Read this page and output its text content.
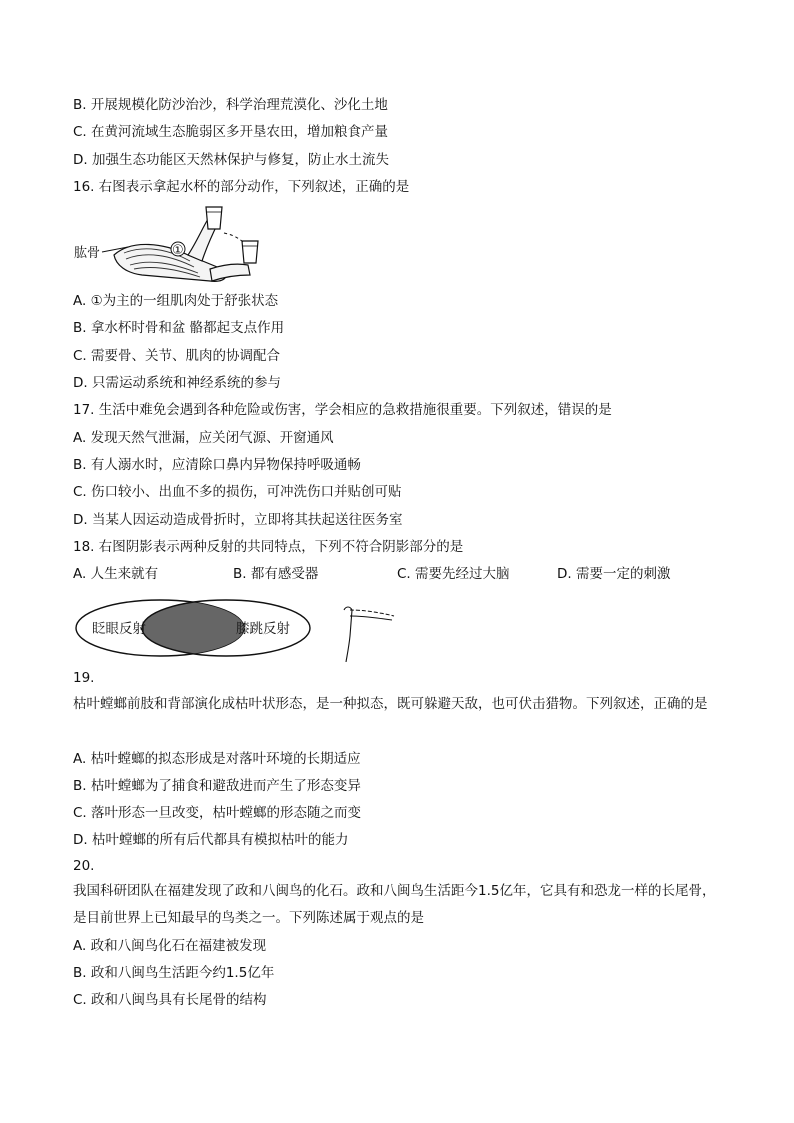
B. 开展规模化防沙治沙，科学治理荒漠化、沙化土地
C. 在黄河流域生态脆弱区多开垦农田，增加粮食产量
D. 加强生态功能区天然林保护与修复，防止水土流失
16. 右图表示拿起水杯的部分动作，下列叙述，正确的是
肱骨	①
A. ①为主的一组肌肉处于舒张状态
B. 拿水杯时骨和盆 骼都起支点作用
C. 需要骨、关节、肌肉的协调配合
D. 只需运动系统和神经系统的参与
17. 生活中难免会遇到各种危险或伤害，学会相应的急救措施很重要。下列叙述，错误的是
A. 发现天然气泄漏，应关闭气源、开窗通风
B. 有人溺水时，应清除口鼻内异物保持呼吸通畅
C. 伤口较小、出血不多的损伤，可冲洗伤口并贴创可贴
D. 当某人因运动造成骨折时，立即将其扶起送往医务室
18. 右图阴影表示两种反射的共同特点，下列不符合阴影部分的是
A. 人生来就有	B. 都有感受器	C. 需要先经过大脑	D. 需要一定的刺激
眨眼反射	膝跳反射
19.
枯叶螳螂前肢和背部演化成枯叶状形态，是一种拟态，既可躲避天敌，也可伏击猎物。下列叙述，正确的是
A. 枯叶螳螂的拟态形成是对落叶环境的长期适应
B. 枯叶螳螂为了捕食和避敌进而产生了形态变异
C. 落叶形态一旦改变，枯叶螳螂的形态随之而变
D. 枯叶螳螂的所有后代都具有模拟枯叶的能力
20.
我国科研团队在福建发现了政和八闽鸟的化石。政和八闽鸟生活距今1.5亿年，它具有和恐龙一样的长尾骨，是目前世界上已知最早的鸟类之一。下列陈述属于观点的是
A. 政和八闽鸟化石在福建被发现
B. 政和八闽鸟生活距今约1.5亿年
C. 政和八闽鸟具有长尾骨的结构
